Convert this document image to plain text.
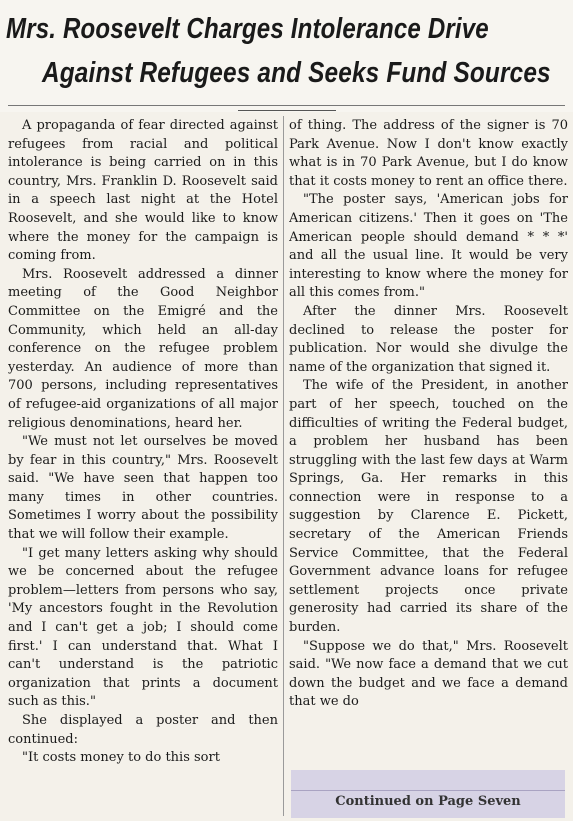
Mrs. Roosevelt Charges Intolerance Drive
Against Refugees and Seeks Fund Sources

A propaganda of fear directed against refugees from racial and political intolerance is being carried on in this country, Mrs. Franklin D. Roosevelt said in a speech last night at the Hotel Roosevelt, and she would like to know where the money for the campaign is coming from.

Mrs. Roosevelt addressed a dinner meeting of the Good Neighbor Committee on the Emigré and the Community, which held an all-day conference on the refugee problem yesterday. An audience of more than 700 persons, including representatives of refugee-aid organizations of all major religious denominations, heard her.

"We must not let ourselves be moved by fear in this country," Mrs. Roosevelt said. "We have seen that happen too many times in other countries. Sometimes I worry about the possibility that we will follow their example.

"I get many letters asking why should we be concerned about the refugee problem—letters from persons who say, 'My ancestors fought in the Revolution and I can't get a job; I should come first.' I can understand that. What I can't understand is the patriotic organization that prints a document such as this."

She displayed a poster and then continued:

"It costs money to do this sort

of thing. The address of the signer is 70 Park Avenue. Now I don't know exactly what is in 70 Park Avenue, but I do know that it costs money to rent an office there.

"The poster says, 'American jobs for American citizens.' Then it goes on 'The American people should demand * * *' and all the usual line. It would be very interesting to know where the money for all this comes from."

After the dinner Mrs. Roosevelt declined to release the poster for publication. Nor would she divulge the name of the organization that signed it.

The wife of the President, in another part of her speech, touched on the difficulties of writing the Federal budget, a problem her husband has been struggling with the last few days at Warm Springs, Ga. Her remarks in this connection were in response to a suggestion by Clarence E. Pickett, secretary of the American Friends Service Committee, that the Federal Government advance loans for refugee settlement projects once private generosity had carried its share of the burden.

"Suppose we do that," Mrs. Roosevelt said. "We now face a demand that we cut down the budget and we face a demand that we do

Continued on Page Seven
